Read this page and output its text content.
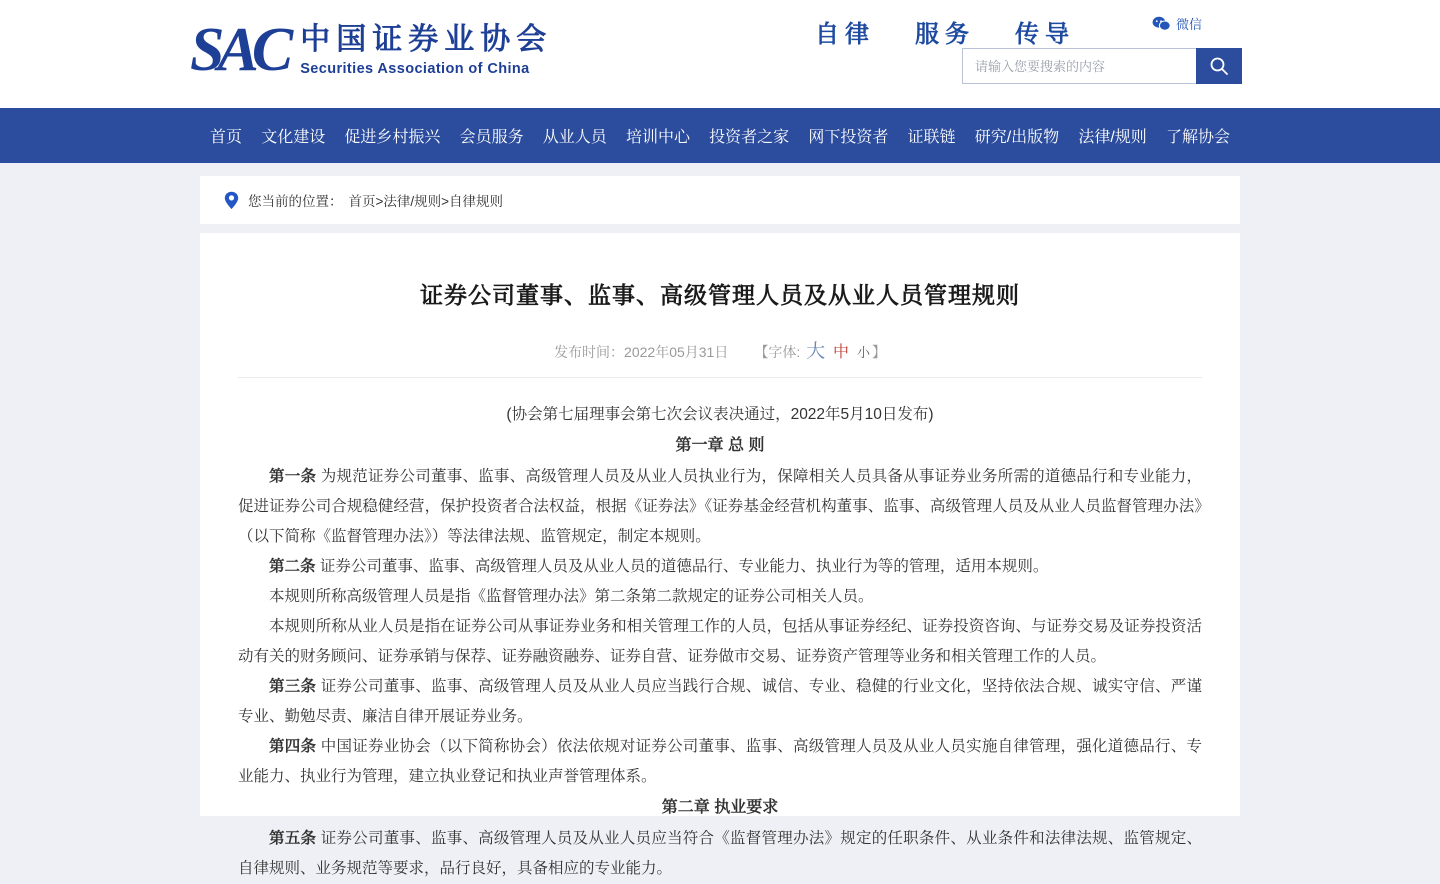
SAC 中国证券业协会
Securities Association of China
自律 服务 传导	微信
请输入您要搜索的内容
首页 文化建设 促进乡村振兴 会员服务 从业人员 培训中心 投资者之家 网下投资者 证联链 研究/出版物 法律/规则 了解协会
您当前的位置： 首页>法律/规则>自律规则
证券公司董事、监事、高级管理人员及从业人员管理规则
发布时间：2022年05月31日 【字体: 大 中 小 】

(协会第七届理事会第七次会议表决通过，2022年5月10日发布)

第一章 总 则

第一条 为规范证券公司董事、监事、高级管理人员及从业人员执业行为，保障相关人员具备从事证券业务所需的道德品行和专业能力，促进证券公司合规稳健经营，保护投资者合法权益，根据《证券法》《证券基金经营机构董事、监事、高级管理人员及从业人员监督管理办法》（以下简称《监督管理办法》）等法律法规、监管规定，制定本规则。

第二条 证券公司董事、监事、高级管理人员及从业人员的道德品行、专业能力、执业行为等的管理，适用本规则。

本规则所称高级管理人员是指《监督管理办法》第二条第二款规定的证券公司相关人员。

本规则所称从业人员是指在证券公司从事证券业务和相关管理工作的人员，包括从事证券经纪、证券投资咨询、与证券交易及证券投资活动有关的财务顾问、证券承销与保荐、证券融资融券、证券自营、证券做市交易、证券资产管理等业务和相关管理工作的人员。

第三条 证券公司董事、监事、高级管理人员及从业人员应当践行合规、诚信、专业、稳健的行业文化，坚持依法合规、诚实守信、严谨专业、勤勉尽责、廉洁自律开展证券业务。

第四条 中国证券业协会（以下简称协会）依法依规对证券公司董事、监事、高级管理人员及从业人员实施自律管理，强化道德品行、专业能力、执业行为管理，建立执业登记和执业声誉管理体系。

第二章 执业要求

第五条 证券公司董事、监事、高级管理人员及从业人员应当符合《监督管理办法》规定的任职条件、从业条件和法律法规、监管规定、自律规则、业务规范等要求，品行良好，具备相应的专业能力。
